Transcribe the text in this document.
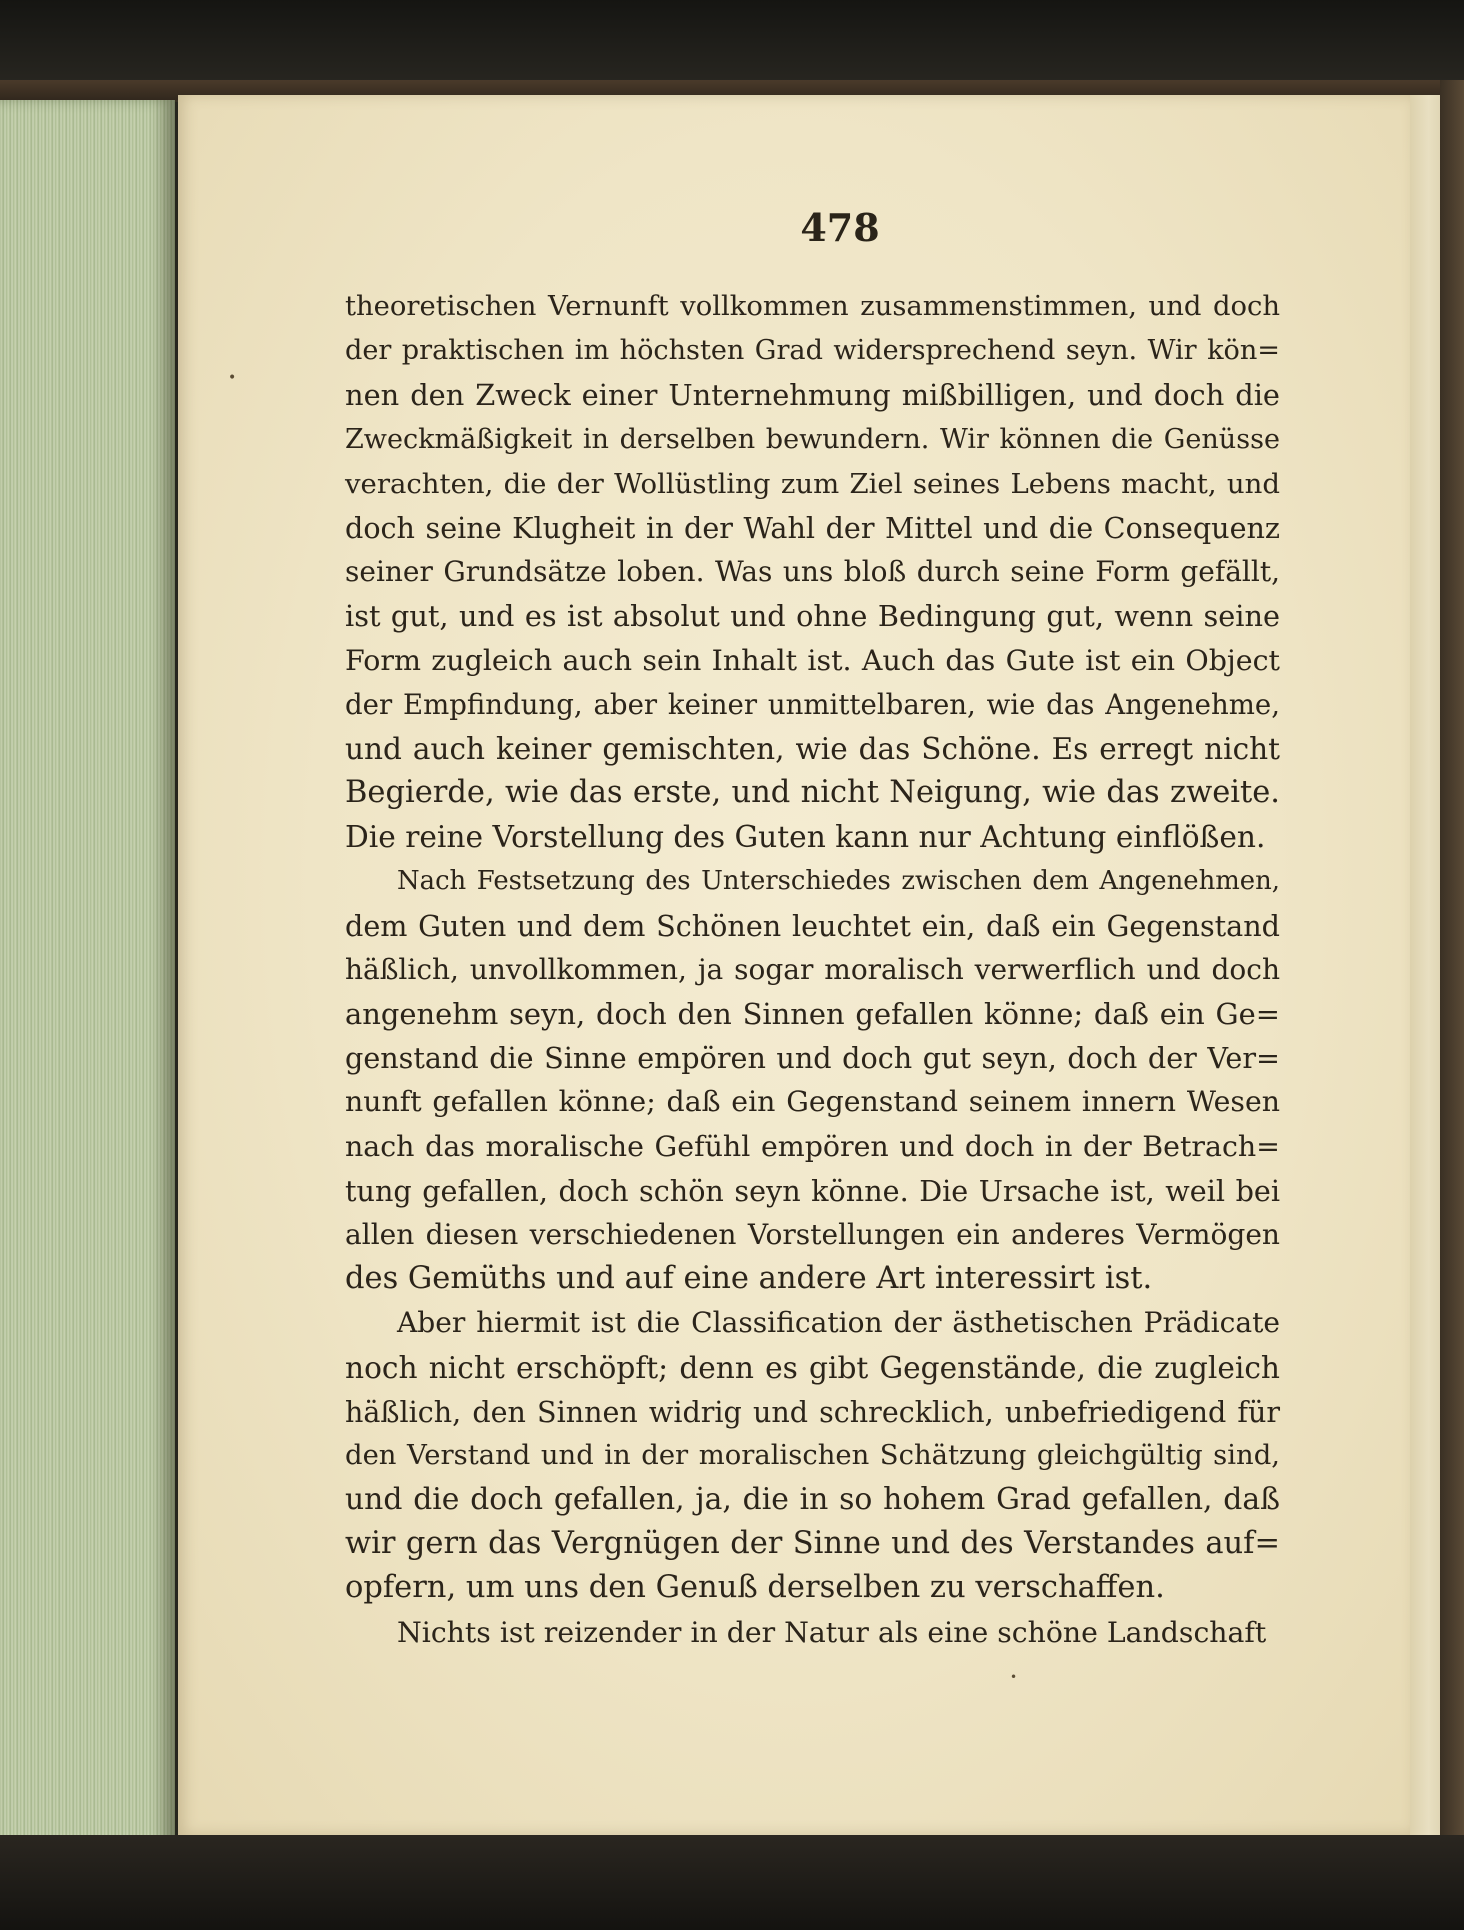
478
theoretischen Vernunft vollkommen zusammenstimmen, und doch
der praktischen im höchsten Grad widersprechend seyn. Wir kön=
nen den Zweck einer Unternehmung mißbilligen, und doch die
Zweckmäßigkeit in derselben bewundern. Wir können die Genüsse
verachten, die der Wollüstling zum Ziel seines Lebens macht, und
doch seine Klugheit in der Wahl der Mittel und die Consequenz
seiner Grundsätze loben. Was uns bloß durch seine Form gefällt,
ist gut, und es ist absolut und ohne Bedingung gut, wenn seine
Form zugleich auch sein Inhalt ist. Auch das Gute ist ein Object
der Empfindung, aber keiner unmittelbaren, wie das Angenehme,
und auch keiner gemischten, wie das Schöne. Es erregt nicht
Begierde, wie das erste, und nicht Neigung, wie das zweite.
Die reine Vorstellung des Guten kann nur Achtung einflößen.
Nach Festsetzung des Unterschiedes zwischen dem Angenehmen,
dem Guten und dem Schönen leuchtet ein, daß ein Gegenstand
häßlich, unvollkommen, ja sogar moralisch verwerflich und doch
angenehm seyn, doch den Sinnen gefallen könne; daß ein Ge=
genstand die Sinne empören und doch gut seyn, doch der Ver=
nunft gefallen könne; daß ein Gegenstand seinem innern Wesen
nach das moralische Gefühl empören und doch in der Betrach=
tung gefallen, doch schön seyn könne. Die Ursache ist, weil bei
allen diesen verschiedenen Vorstellungen ein anderes Vermögen
des Gemüths und auf eine andere Art interessirt ist.
Aber hiermit ist die Classification der ästhetischen Prädicate
noch nicht erschöpft; denn es gibt Gegenstände, die zugleich
häßlich, den Sinnen widrig und schrecklich, unbefriedigend für
den Verstand und in der moralischen Schätzung gleichgültig sind,
und die doch gefallen, ja, die in so hohem Grad gefallen, daß
wir gern das Vergnügen der Sinne und des Verstandes auf=
opfern, um uns den Genuß derselben zu verschaffen.
Nichts ist reizender in der Natur als eine schöne Landschaft
•
•
